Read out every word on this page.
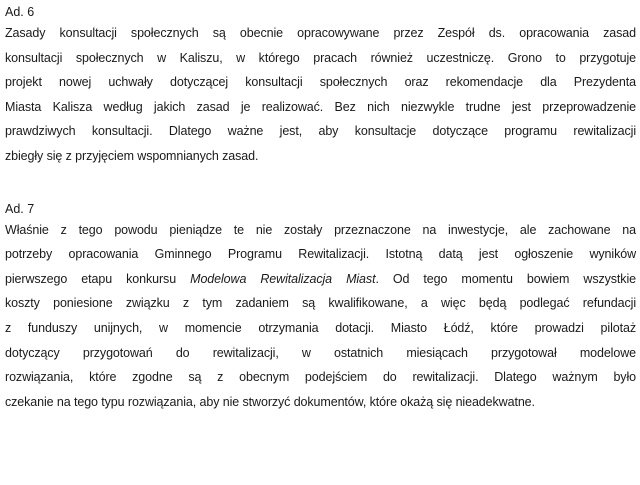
Ad. 6

Zasady konsultacji społecznych są obecnie opracowywane przez Zespół ds. opracowania zasad
konsultacji społecznych w Kaliszu, w którego pracach również uczestniczę. Grono to przygotuje
projekt nowej uchwały dotyczącej konsultacji społecznych oraz rekomendacje dla Prezydenta
Miasta Kalisza według jakich zasad je realizować. Bez nich niezwykle trudne jest przeprowadzenie
prawdziwych konsultacji. Dlatego ważne jest, aby konsultacje dotyczące programu rewitalizacji
zbiegły się z przyjęciem wspomnianych zasad.

Ad. 7

Właśnie z tego powodu pieniądze te nie zostały przeznaczone na inwestycje, ale zachowane na
potrzeby opracowania Gminnego Programu Rewitalizacji. Istotną datą jest ogłoszenie wyników
pierwszego etapu konkursu Modelowa Rewitalizacja Miast. Od tego momentu bowiem wszystkie
koszty poniesione związku z tym zadaniem są kwalifikowane, a więc będą podlegać refundacji
z funduszy unijnych, w momencie otrzymania dotacji. Miasto Łódź, które prowadzi pilotaż
dotyczący przygotowań do rewitalizacji, w ostatnich miesiącach przygotował modelowe
rozwiązania, które zgodne są z obecnym podejściem do rewitalizacji. Dlatego ważnym było
czekanie na tego typu rozwiązania, aby nie stworzyć dokumentów, które okażą się nieadekwatne.
